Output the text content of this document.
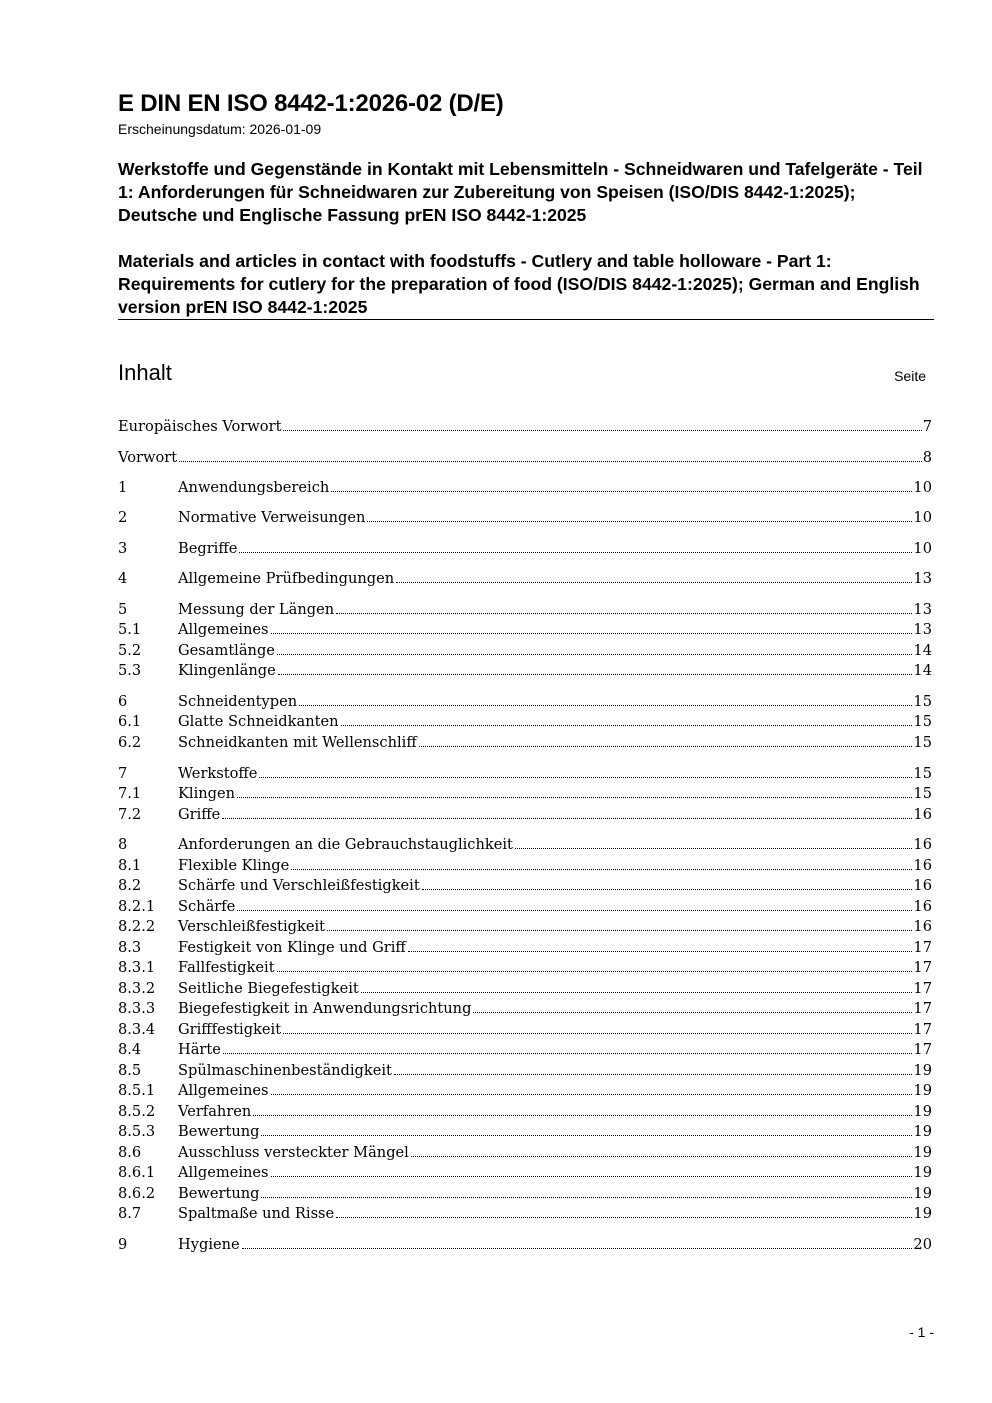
E DIN EN ISO 8442-1:2026-02 (D/E)
Erscheinungsdatum: 2026-01-09
Werkstoffe und Gegenstände in Kontakt mit Lebensmitteln - Schneidwaren und Tafelgeräte - Teil 1: Anforderungen für Schneidwaren zur Zubereitung von Speisen (ISO/DIS 8442-1:2025); Deutsche und Englische Fassung prEN ISO 8442-1:2025
Materials and articles in contact with foodstuffs - Cutlery and table holloware - Part 1: Requirements for cutlery for the preparation of food (ISO/DIS 8442-1:2025); German and English version prEN ISO 8442-1:2025
Inhalt	Seite
Europäisches Vorwort	7
Vorwort	8
1	Anwendungsbereich	10
2	Normative Verweisungen	10
3	Begriffe	10
4	Allgemeine Prüfbedingungen	13
5	Messung der Längen	13
5.1	Allgemeines	13
5.2	Gesamtlänge	14
5.3	Klingenlänge	14
6	Schneidentypen	15
6.1	Glatte Schneidkanten	15
6.2	Schneidkanten mit Wellenschliff	15
7	Werkstoffe	15
7.1	Klingen	15
7.2	Griffe	16
8	Anforderungen an die Gebrauchstauglichkeit	16
8.1	Flexible Klinge	16
8.2	Schärfe und Verschleißfestigkeit	16
8.2.1	Schärfe	16
8.2.2	Verschleißfestigkeit	16
8.3	Festigkeit von Klinge und Griff	17
8.3.1	Fallfestigkeit	17
8.3.2	Seitliche Biegefestigkeit	17
8.3.3	Biegefestigkeit in Anwendungsrichtung	17
8.3.4	Grifffestigkeit	17
8.4	Härte	17
8.5	Spülmaschinenbeständigkeit	19
8.5.1	Allgemeines	19
8.5.2	Verfahren	19
8.5.3	Bewertung	19
8.6	Ausschluss versteckter Mängel	19
8.6.1	Allgemeines	19
8.6.2	Bewertung	19
8.7	Spaltmaße und Risse	19
9	Hygiene	20
- 1 -
